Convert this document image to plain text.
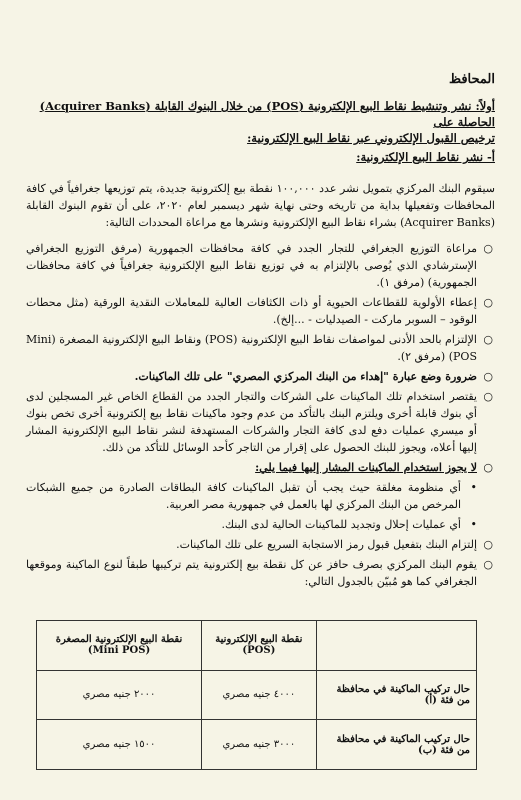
المحافظ
أولاً: نشر وتنشيط نقاط البيع الإلكترونية (POS) من خلال البنوك القابلة (Acquirer Banks) الحاصلة على
ترخيص القبول الإلكتروني عبر نقاط البيع الإلكترونية:
أ- نشر نقاط البيع الإلكترونية:
سيقوم البنك المركزي بتمويل نشر عدد ١٠٠,٠٠٠ نقطة بيع إلكترونية جديدة، يتم توزيعها جغرافياً في كافة المحافظات وتفعيلها بداية من تاريخه وحتى نهاية شهر ديسمبر لعام ٢٠٢٠، على أن تقوم البنوك القابلة (Acquirer Banks) بشراء نقاط البيع الإلكترونية ونشرها مع مراعاة المحددات التالية:
○
مراعاة التوزيع الجغرافي للتجار الجدد في كافة محافظات الجمهورية (مرفق التوزيع الجغرافي الإسترشادي الذي يُوصى بالإلتزام به في توزيع نقاط البيع الإلكترونية جغرافياً في كافة محافظات الجمهورية) (مرفق ١).
○
إعطاء الأولوية للقطاعات الحيوية أو ذات الكثافات العالية للمعاملات النقدية الورقية (مثل محطات الوقود – السوبر ماركت - الصيدليات - ...إلخ).
○
الإلتزام بالحد الأدنى لمواصفات نقاط البيع الإلكترونية (POS) ونقاط البيع الإلكترونية المصغرة (Mini POS) (مرفق ٢).
○
ضرورة وضع عبارة "إهداء من البنك المركزي المصري" على تلك الماكينات.
○
يقتصر استخدام تلك الماكينات على الشركات والتجار الجدد من القطاع الخاص غير المسجلين لدى أي بنوك قابلة أخرى ويلتزم البنك بالتأكد من عدم وجود ماكينات نقاط بيع إلكترونية أخرى تخص بنوك أو ميسري عمليات دفع لدى كافة التجار والشركات المستهدفة لنشر نقاط البيع الإلكترونية المشار إليها أعلاه، ويجوز للبنك الحصول على إقرار من التاجر كأحد الوسائل للتأكد من ذلك.
○
لا يجوز استخدام الماكينات المشار إليها فيما يلي:
•
أي منظومة مغلقة حيث يجب أن تقبل الماكينات كافة البطاقات الصادرة من جميع الشبكات المرخص من البنك المركزي لها بالعمل في جمهورية مصر العربية.
•
أي عمليات إحلال وتجديد للماكينات الحالية لدى البنك.
○
إلتزام البنك بتفعيل قبول رمز الاستجابة السريع على تلك الماكينات.
○
يقوم البنك المركزي بصرف حافز عن كل نقطة بيع إلكترونية يتم تركيبها طبقاً لنوع الماكينة وموقعها الجغرافي كما هو مُبيّن بالجدول التالي:
	نقطة البيع الإلكترونية (POS)	نقطة البيع الإلكترونية المصغرة (Mini POS)
حال تركيب الماكينة في محافظة من فئة (أ)	٤٠٠٠ جنيه مصري	٢٠٠٠ جنيه مصري
حال تركيب الماكينة في محافظة من فئة (ب)	٣٠٠٠ جنيه مصري	١٥٠٠ جنيه مصري
